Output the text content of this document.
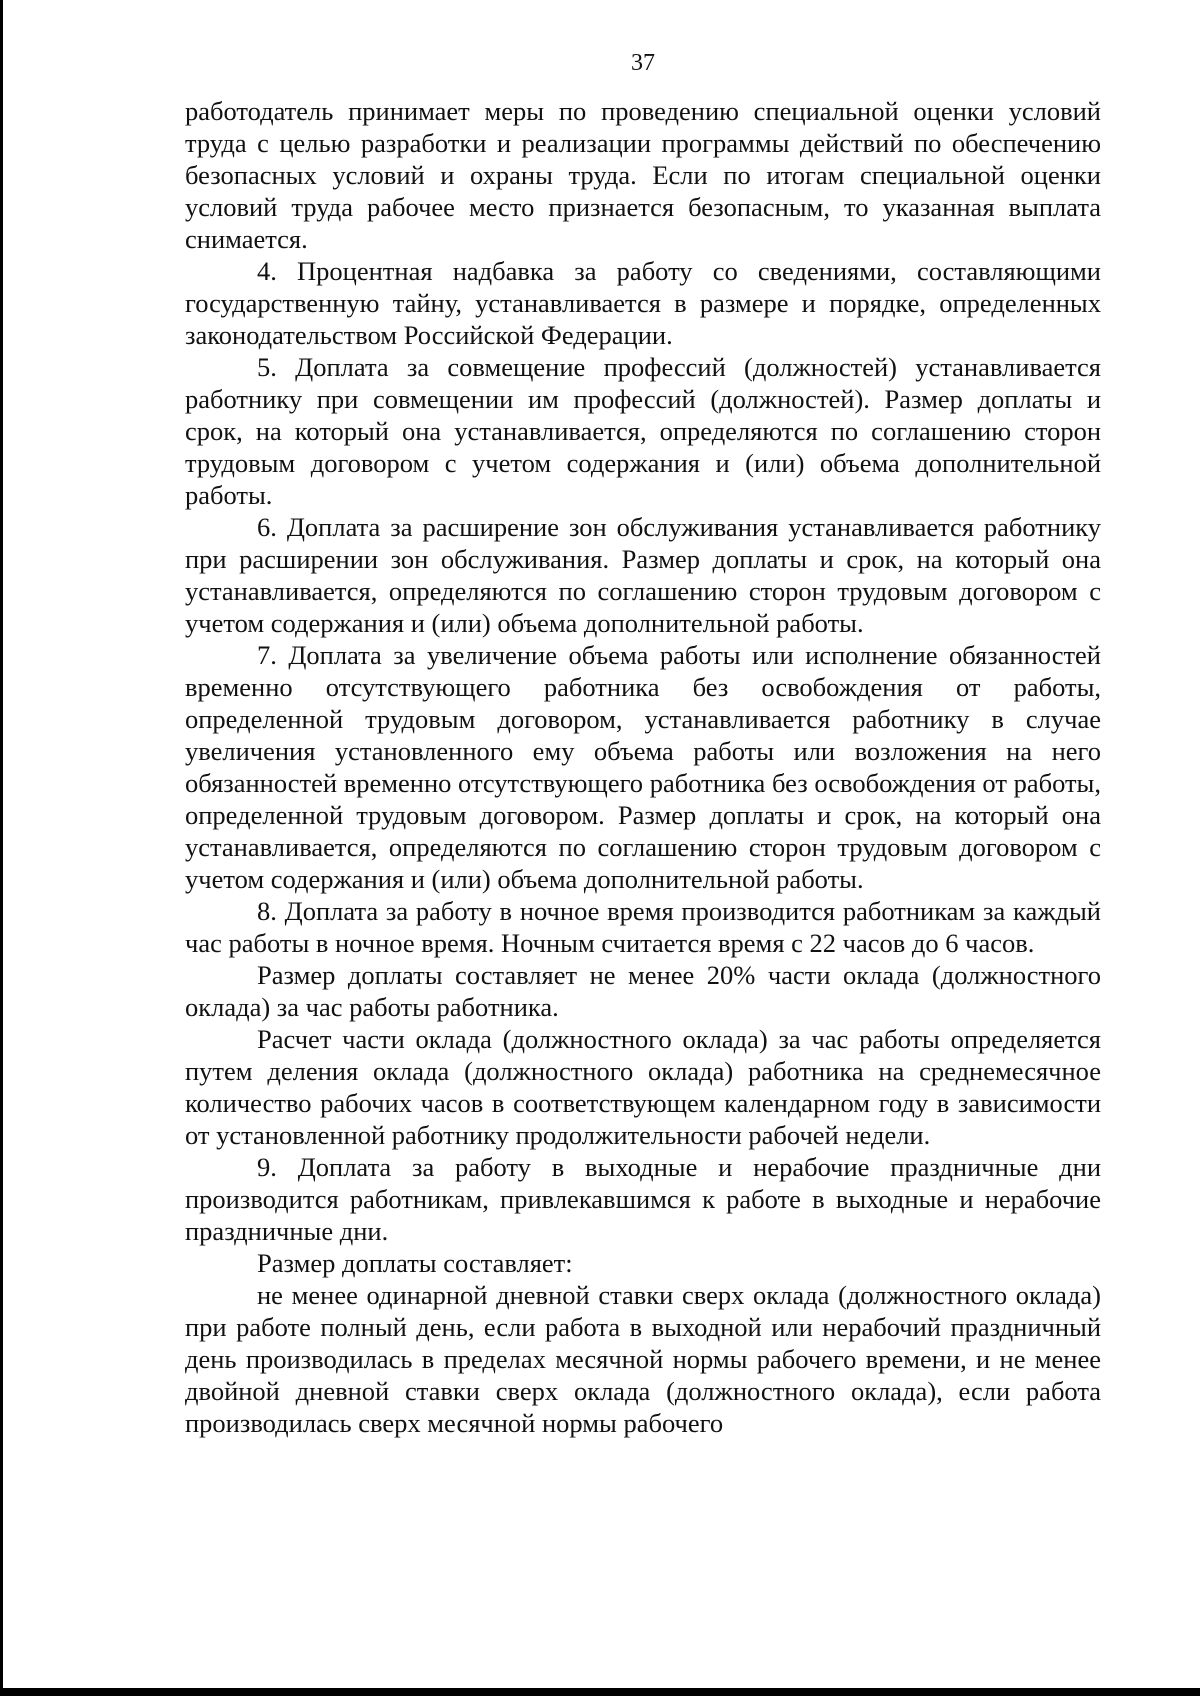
37

работодатель принимает меры по проведению специальной оценки условий труда с целью разработки и реализации программы действий по обеспечению безопасных условий и охраны труда. Если по итогам специальной оценки условий труда рабочее место признается безопасным, то указанная выплата снимается.

4. Процентная надбавка за работу со сведениями, составляющими государственную тайну, устанавливается в размере и порядке, определенных законодательством Российской Федерации.

5. Доплата за совмещение профессий (должностей) устанавливается работнику при совмещении им профессий (должностей). Размер доплаты и срок, на который она устанавливается, определяются по соглашению сторон трудовым договором с учетом содержания и (или) объема дополнительной работы.

6. Доплата за расширение зон обслуживания устанавливается работнику при расширении зон обслуживания. Размер доплаты и срок, на который она устанавливается, определяются по соглашению сторон трудовым договором с учетом содержания и (или) объема дополнительной работы.

7. Доплата за увеличение объема работы или исполнение обязанностей временно отсутствующего работника без освобождения от работы, определенной трудовым договором, устанавливается работнику в случае увеличения установленного ему объема работы или возложения на него обязанностей временно отсутствующего работника без освобождения от работы, определенной трудовым договором. Размер доплаты и срок, на который она устанавливается, определяются по соглашению сторон трудовым договором с учетом содержания и (или) объема дополнительной работы.

8. Доплата за работу в ночное время производится работникам за каждый час работы в ночное время. Ночным считается время с 22 часов до 6 часов.

Размер доплаты составляет не менее 20% части оклада (должностного оклада) за час работы работника.

Расчет части оклада (должностного оклада) за час работы определяется путем деления оклада (должностного оклада) работника на среднемесячное количество рабочих часов в соответствующем календарном году в зависимости от установленной работнику продолжительности рабочей недели.

9. Доплата за работу в выходные и нерабочие праздничные дни производится работникам, привлекавшимся к работе в выходные и нерабочие праздничные дни.

Размер доплаты составляет:

не менее одинарной дневной ставки сверх оклада (должностного оклада) при работе полный день, если работа в выходной или нерабочий праздничный день производилась в пределах месячной нормы рабочего времени, и не менее двойной дневной ставки сверх оклада (должностного оклада), если работа производилась сверх месячной нормы рабочего
